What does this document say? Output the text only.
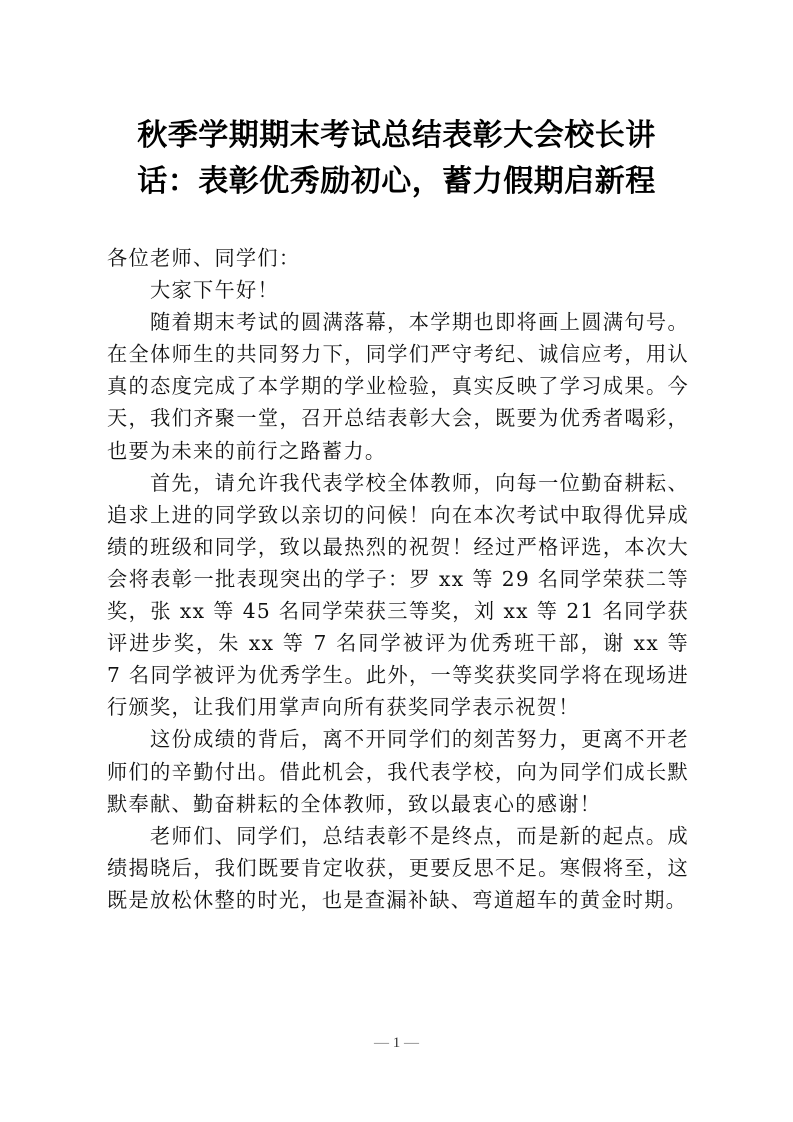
秋季学期期末考试总结表彰大会校长讲
话：表彰优秀励初心，蓄力假期启新程

各位老师、同学们：

大家下午好！

随着期末考试的圆满落幕，本学期也即将画上圆满句号。在全体师生的共同努力下，同学们严守考纪、诚信应考，用认真的态度完成了本学期的学业检验，真实反映了学习成果。今天，我们齐聚一堂，召开总结表彰大会，既要为优秀者喝彩，也要为未来的前行之路蓄力。

首先，请允许我代表学校全体教师，向每一位勤奋耕耘、追求上进的同学致以亲切的问候！向在本次考试中取得优异成绩的班级和同学，致以最热烈的祝贺！经过严格评选，本次大会将表彰一批表现突出的学子：罗 xx 等 29 名同学荣获二等奖，张 xx 等 45 名同学荣获三等奖，刘 xx 等 21 名同学获评进步奖，朱 xx 等 7 名同学被评为优秀班干部，谢 xx 等 7 名同学被评为优秀学生。此外，一等奖获奖同学将在现场进行颁奖，让我们用掌声向所有获奖同学表示祝贺！

这份成绩的背后，离不开同学们的刻苦努力，更离不开老师们的辛勤付出。借此机会，我代表学校，向为同学们成长默默奉献、勤奋耕耘的全体教师，致以最衷心的感谢！

老师们、同学们，总结表彰不是终点，而是新的起点。成绩揭晓后，我们既要肯定收获，更要反思不足。寒假将至，这既是放松休整的时光，也是查漏补缺、弯道超车的黄金时期。

— 1 —
